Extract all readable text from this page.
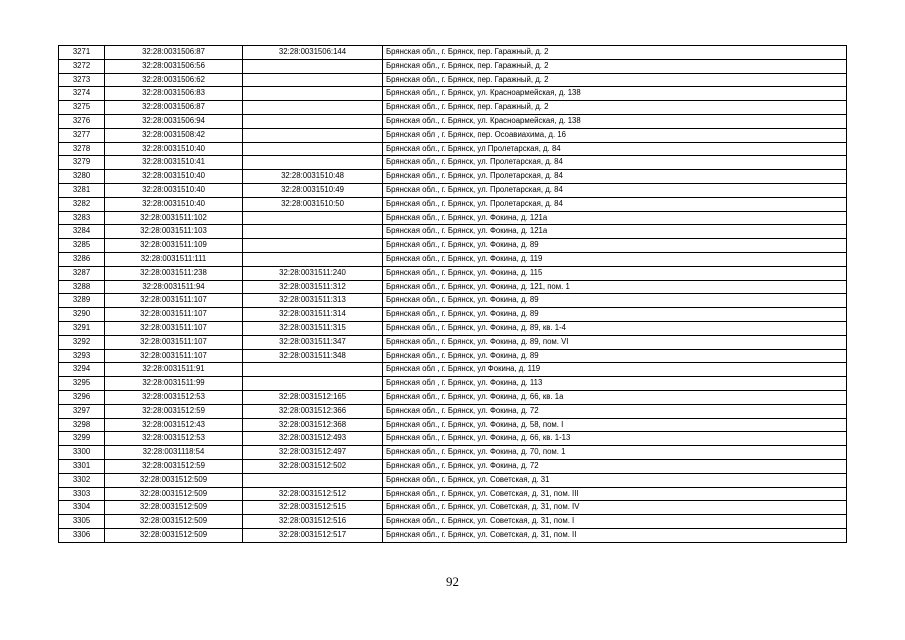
3271	32:28:0031506:87	32:28:0031506:144	Брянская обл., г. Брянск, пер. Гаражный, д. 2
3272	32:28:0031506:56		Брянская обл., г. Брянск, пер. Гаражный, д. 2
3273	32:28:0031506:62		Брянская обл., г. Брянск, пер. Гаражный, д. 2
3274	32:28:0031506:83		Брянская обл., г. Брянск, ул. Красноармейская, д. 138
3275	32:28:0031506:87		Брянская обл., г. Брянск, пер. Гаражный, д. 2
3276	32:28:0031506:94		Брянская обл., г. Брянск, ул. Красноармейская, д. 138
3277	32:28:0031508:42		Брянская обл , г. Брянск, пер. Осоавиахима, д. 16
3278	32:28:0031510:40		Брянская обл., г. Брянск, ул Пролетарская, д. 84
3279	32:28:0031510:41		Брянская обл., г. Брянск, ул. Пролетарская, д. 84
3280	32:28:0031510:40	32:28:0031510:48	Брянская обл., г. Брянск, ул. Пролетарская, д. 84
3281	32:28:0031510:40	32:28:0031510:49	Брянская обл., г. Брянск, ул. Пролетарская, д. 84
3282	32:28:0031510:40	32:28:0031510:50	Брянская обл., г. Брянск, ул. Пролетарская, д. 84
3283	32:28:0031511:102		Брянская обл., г. Брянск, ул. Фокина, д. 121а
3284	32:28:0031511:103		Брянская обл., г. Брянск, ул. Фокина, д. 121а
3285	32:28:0031511:109		Брянская обл., г. Брянск, ул. Фокина, д. 89
3286	32:28:0031511:111		Брянская обл., г. Брянск, ул. Фокина, д. 119
3287	32:28:0031511:238	32:28:0031511:240	Брянская обл., г. Брянск, ул. Фокина, д. 115
3288	32:28:0031511:94	32:28:0031511:312	Брянская обл., г. Брянск, ул. Фокина, д. 121, пом. 1
3289	32:28:0031511:107	32:28:0031511:313	Брянская обл., г. Брянск, ул. Фокина, д. 89
3290	32:28:0031511:107	32:28:0031511:314	Брянская обл., г. Брянск, ул. Фокина, д. 89
3291	32:28:0031511:107	32:28:0031511:315	Брянская обл., г. Брянск, ул. Фокина, д. 89, кв. 1-4
3292	32:28:0031511:107	32:28:0031511:347	Брянская обл., г. Брянск, ул. Фокина, д. 89, пом. VI
3293	32:28:0031511:107	32:28:0031511:348	Брянская обл., г. Брянск, ул. Фокина, д. 89
3294	32:28:0031511:91		Брянская обл , г. Брянск, ул Фокина, д. 119
3295	32:28:0031511:99		Брянская обл , г. Брянск, ул. Фокина, д. 113
3296	32:28:0031512:53	32:28:0031512:165	Брянская обл., г. Брянск, ул. Фокина, д. 66, кв. 1а
3297	32:28:0031512:59	32:28:0031512:366	Брянская обл., г. Брянск, ул. Фокина, д. 72
3298	32:28:0031512:43	32:28:0031512:368	Брянская обл., г. Брянск, ул. Фокина, д. 58, пом. I
3299	32:28:0031512:53	32:28:0031512:493	Брянская обл., г. Брянск, ул. Фокина, д. 66, кв. 1-13
3300	32:28:0031118:54	32:28:0031512:497	Брянская обл., г. Брянск, ул. Фокина, д. 70, пом. 1
3301	32:28:0031512:59	32:28:0031512:502	Брянская обл., г. Брянск, ул. Фокина, д. 72
3302	32:28:0031512:509		Брянская обл., г. Брянск, ул. Советская, д. 31
3303	32:28:0031512:509	32:28:0031512:512	Брянская обл., г. Брянск, ул. Советская, д. 31, пом. III
3304	32:28:0031512:509	32:28:0031512:515	Брянская обл., г. Брянск, ул. Советская, д. 31, пом. IV
3305	32:28:0031512:509	32:28:0031512:516	Брянская обл., г. Брянск, ул. Советская, д. 31, пом. I
3306	32:28:0031512:509	32:28:0031512:517	Брянская обл., г. Брянск, ул. Советская, д. 31, пом. II
92
